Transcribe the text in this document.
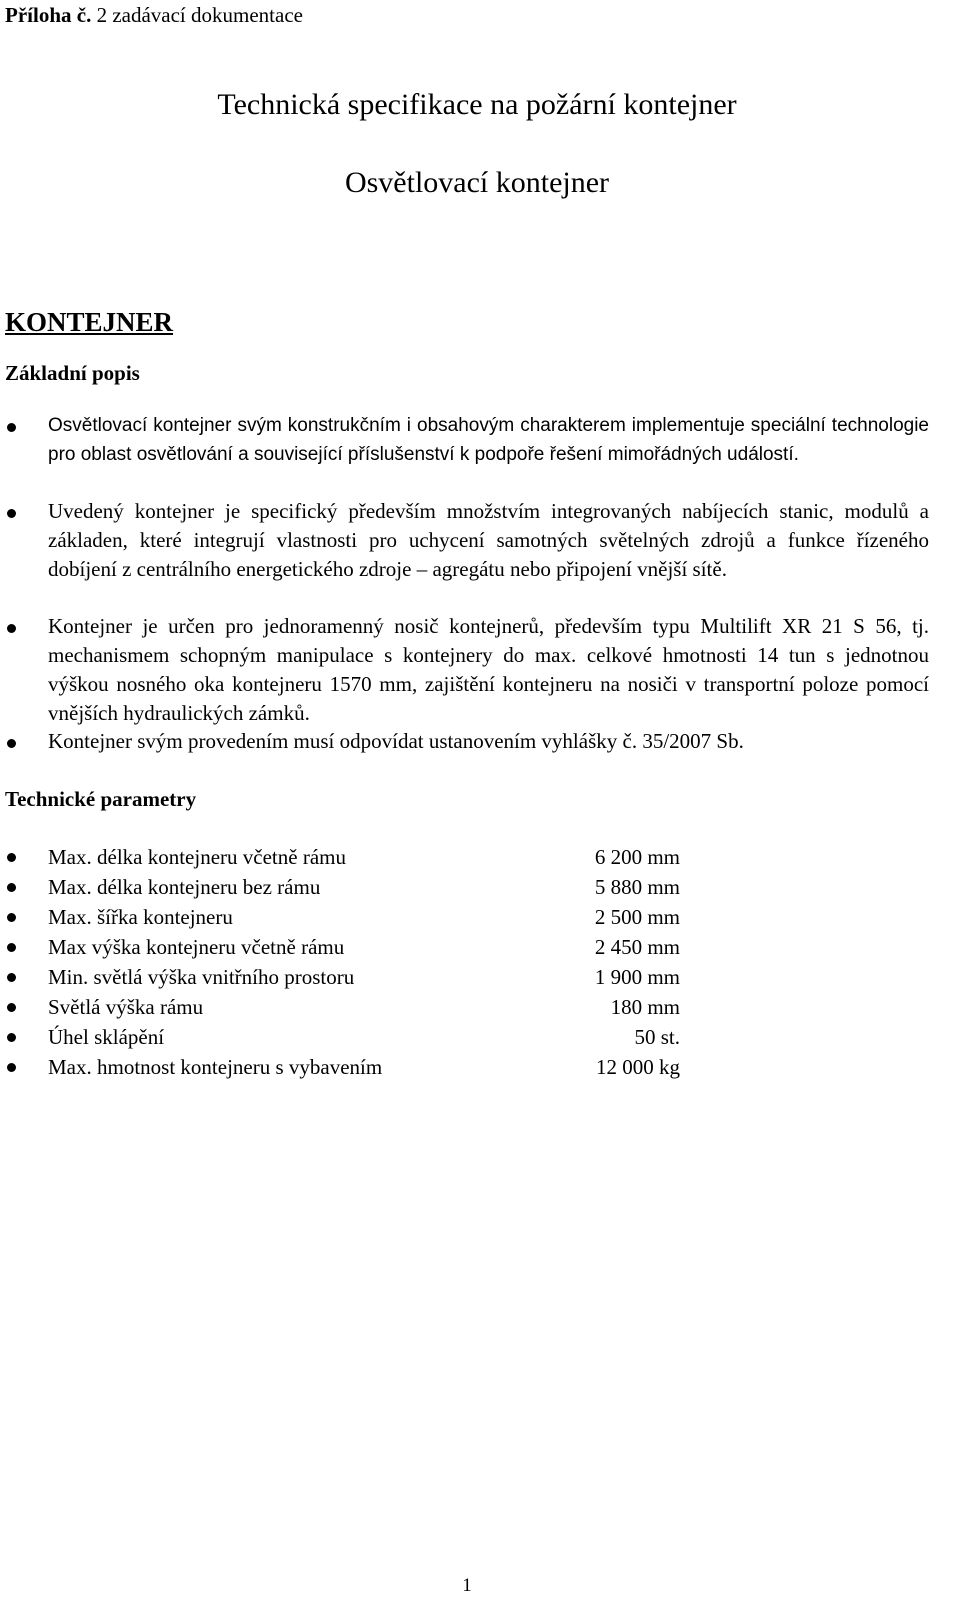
Příloha č. 2 zadávací dokumentace
Technická specifikace na požární kontejner
Osvětlovací kontejner
KONTEJNER
Základní popis
Osvětlovací kontejner svým konstrukčním i obsahovým charakterem implementuje speciální technologie pro oblast osvětlování a související příslušenství k podpoře řešení mimořádných událostí.
Uvedený kontejner je specifický především množstvím integrovaných nabíjecích stanic, modulů a základen, které integrují vlastnosti pro uchycení samotných světelných zdrojů a funkce řízeného dobíjení z centrálního energetického zdroje – agregátu nebo připojení vnější sítě.
Kontejner je určen pro jednoramenný nosič kontejnerů, především typu Multilift XR 21 S 56, tj. mechanismem schopným manipulace s kontejnery do max. celkové hmotnosti 14 tun s jednotnou výškou nosného oka kontejneru 1570 mm, zajištění kontejneru na nosiči v transportní poloze pomocí vnějších hydraulických zámků.
Kontejner svým provedením musí odpovídat ustanovením vyhlášky č. 35/2007 Sb.
Technické parametry
Max. délka kontejneru včetně rámu	6 200 mm
Max. délka kontejneru bez rámu	5 880 mm
Max. šířka kontejneru	2 500 mm
Max výška kontejneru včetně rámu	2 450 mm
Min. světlá výška vnitřního prostoru	1 900 mm
Světlá výška rámu	180 mm
Úhel sklápění	50 st.
Max. hmotnost kontejneru s vybavením	12 000 kg
1
